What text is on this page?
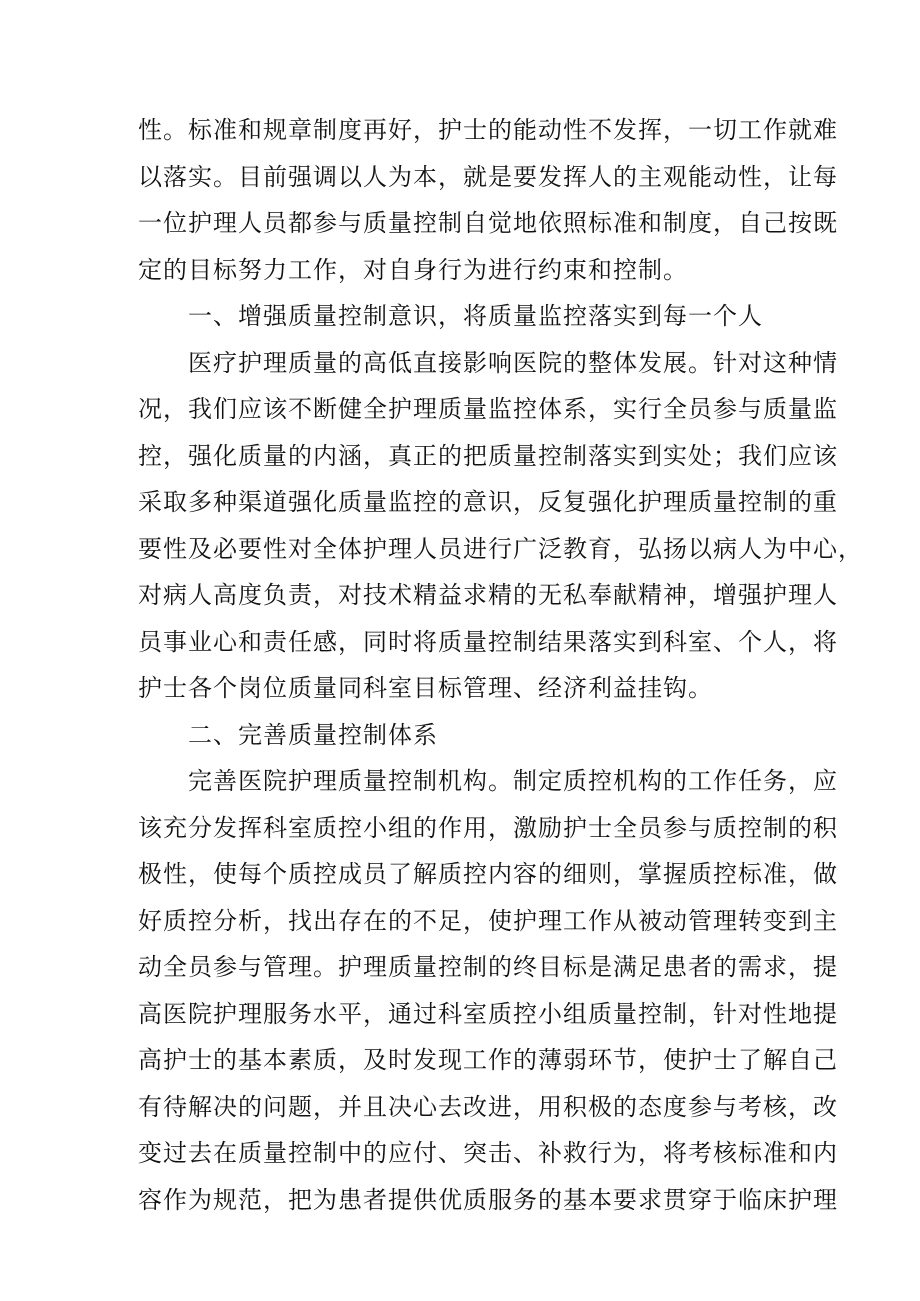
性。标准和规章制度再好，护士的能动性不发挥，一切工作就难
以落实。目前强调以人为本，就是要发挥人的主观能动性，让每
一位护理人员都参与质量控制自觉地依照标准和制度，自己按既
定的目标努力工作，对自身行为进行约束和控制。
一、增强质量控制意识，将质量监控落实到每一个人
医疗护理质量的高低直接影响医院的整体发展。针对这种情
况，我们应该不断健全护理质量监控体系，实行全员参与质量监
控，强化质量的内涵，真正的把质量控制落实到实处；我们应该
采取多种渠道强化质量监控的意识，反复强化护理质量控制的重
要性及必要性对全体护理人员进行广泛教育，弘扬以病人为中心，
对病人高度负责，对技术精益求精的无私奉献精神，增强护理人
员事业心和责任感，同时将质量控制结果落实到科室、个人，将
护士各个岗位质量同科室目标管理、经济利益挂钩。
二、完善质量控制体系
完善医院护理质量控制机构。制定质控机构的工作任务，应
该充分发挥科室质控小组的作用，激励护士全员参与质控制的积
极性，使每个质控成员了解质控内容的细则，掌握质控标准，做
好质控分析，找出存在的不足，使护理工作从被动管理转变到主
动全员参与管理。护理质量控制的终目标是满足患者的需求，提
高医院护理服务水平，通过科室质控小组质量控制，针对性地提
高护士的基本素质，及时发现工作的薄弱环节，使护士了解自己
有待解决的问题，并且决心去改进，用积极的态度参与考核，改
变过去在质量控制中的应付、突击、补救行为，将考核标准和内
容作为规范，把为患者提供优质服务的基本要求贯穿于临床护理
